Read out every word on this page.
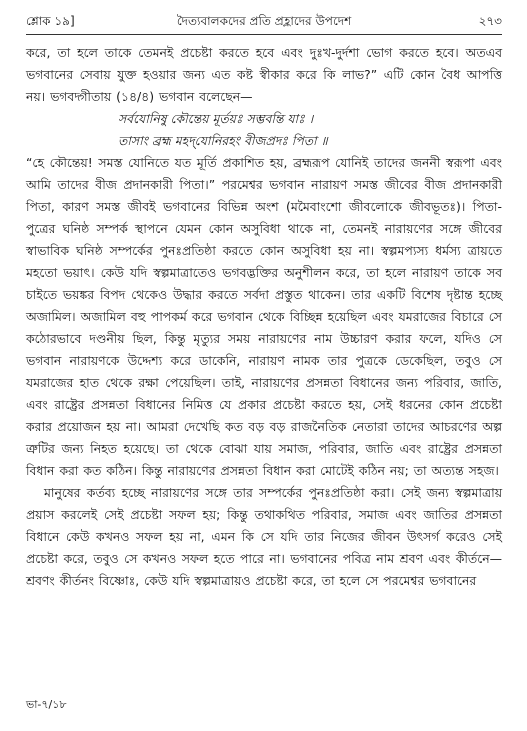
শ্লোক ১৯]	দৈত্যবালকদের প্রতি প্রহ্লাদের উপদেশ	২৭৩

করে, তা হলে তাকে তেমনই প্রচেষ্টা করতে হবে এবং দুঃখ-দুর্দশা ভোগ করতে হবে। অতএব ভগবানের সেবায় যুক্ত হওয়ার জন্য এত কষ্ট স্বীকার করে কি লাভ?” এটি কোন বৈধ আপত্তি নয়। ভগবদ্গীতায় (১৪/৪) ভগবান বলেছেন—

সর্বযোনিষু কৌন্তেয় মূর্তয়ঃ সম্ভবন্তি যাঃ ।

তাসাং ব্রহ্ম মহদ্‌যোনিরহং বীজপ্রদঃ পিতা ॥

“হে কৌন্তেয়! সমস্ত যোনিতে যত মূর্তি প্রকাশিত হয়, ব্রহ্মরূপ যোনিই তাদের জননী স্বরূপা এবং আমি তাদের বীজ প্রদানকারী পিতা।” পরমেশ্বর ভগবান নারায়ণ সমস্ত জীবের বীজ প্রদানকারী পিতা, কারণ সমস্ত জীবই ভগবানের বিভিন্ন অংশ (মমৈবাংশো জীবলোকে জীবভূতঃ)। পিতা-পুত্রের ঘনিষ্ঠ সম্পর্ক স্থাপনে যেমন কোন অসুবিধা থাকে না, তেমনই নারায়ণের সঙ্গে জীবের স্বাভাবিক ঘনিষ্ঠ সম্পর্কের পুনঃপ্রতিষ্ঠা করতে কোন অসুবিধা হয় না। স্বল্পমপ্যস্য ধর্মস্য ত্রায়তে মহতো ভয়াৎ। কেউ যদি স্বল্পমাত্রাতেও ভগবদ্ভক্তির অনুশীলন করে, তা হলে নারায়ণ তাকে সব চাইতে ভয়ঙ্কর বিপদ থেকেও উদ্ধার করতে সর্বদা প্রস্তুত থাকেন। তার একটি বিশেষ দৃষ্টান্ত হচ্ছে অজামিল। অজামিল বহু পাপকর্ম করে ভগবান থেকে বিচ্ছিন্ন হয়েছিল এবং যমরাজের বিচারে সে কঠোরভাবে দণ্ডনীয় ছিল, কিন্তু মৃত্যুর সময় নারায়ণের নাম উচ্চারণ করার ফলে, যদিও সে ভগবান নারায়ণকে উদ্দেশ্য করে ডাকেনি, নারায়ণ নামক তার পুত্রকে ডেকেছিল, তবুও সে যমরাজের হাত থেকে রক্ষা পেয়েছিল। তাই, নারায়ণের প্রসন্নতা বিধানের জন্য পরিবার, জাতি, এবং রাষ্ট্রের প্রসন্নতা বিধানের নিমিত্ত যে প্রকার প্রচেষ্টা করতে হয়, সেই ধরনের কোন প্রচেষ্টা করার প্রয়োজন হয় না। আমরা দেখেছি কত বড় বড় রাজনৈতিক নেতারা তাদের আচরণের অল্প ত্রুটির জন্য নিহত হয়েছে। তা থেকে বোঝা যায় সমাজ, পরিবার, জাতি এবং রাষ্ট্রের প্রসন্নতা বিধান করা কত কঠিন। কিন্তু নারায়ণের প্রসন্নতা বিধান করা মোটেই কঠিন নয়; তা অত্যন্ত সহজ।

মানুষের কর্তব্য হচ্ছে নারায়ণের সঙ্গে তার সম্পর্কের পুনঃপ্রতিষ্ঠা করা। সেই জন্য স্বল্পমাত্রায় প্রয়াস করলেই সেই প্রচেষ্টা সফল হয়; কিন্তু তথাকথিত পরিবার, সমাজ এবং জাতির প্রসন্নতা বিধানে কেউ কখনও সফল হয় না, এমন কি সে যদি তার নিজের জীবন উৎসর্গ করেও সেই প্রচেষ্টা করে, তবুও সে কখনও সফল হতে পারে না। ভগবানের পবিত্র নাম শ্রবণ এবং কীর্তনে—শ্রবণং কীর্তনং বিষ্ণোঃ, কেউ যদি স্বল্পমাত্রায়ও প্রচেষ্টা করে, তা হলে সে পরমেশ্বর ভগবানের

ভা-৭/১৮
